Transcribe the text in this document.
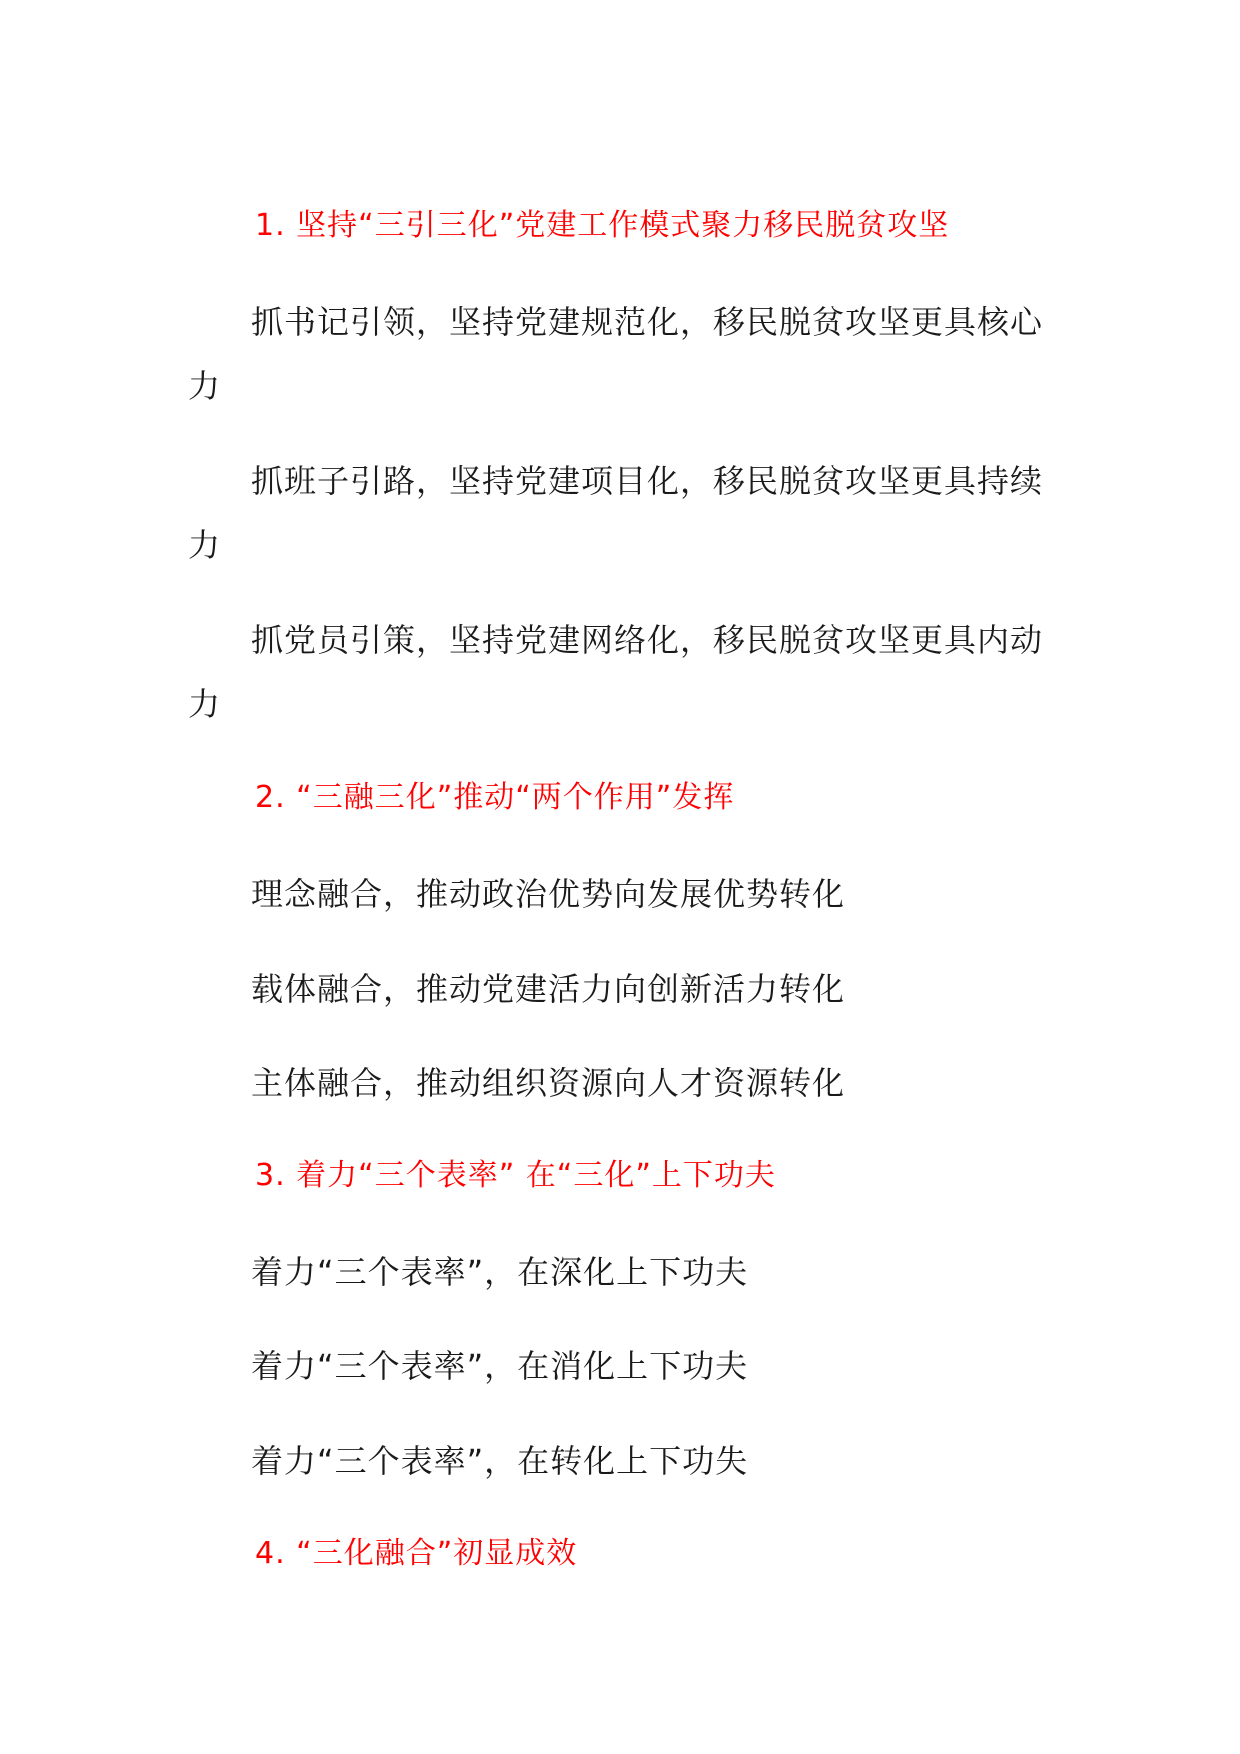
1. 坚持“三引三化”党建工作模式聚力移民脱贫攻坚
抓书记引领，坚持党建规范化，移民脱贫攻坚更具核心力
抓班子引路，坚持党建项目化，移民脱贫攻坚更具持续力
抓党员引策，坚持党建网络化，移民脱贫攻坚更具内动力
2. “三融三化”推动“两个作用”发挥
理念融合，推动政治优势向发展优势转化
载体融合，推动党建活力向创新活力转化
主体融合，推动组织资源向人才资源转化
3. 着力“三个表率” 在“三化”上下功夫
着力“三个表率”，在深化上下功夫
着力“三个表率”，在消化上下功夫
着力“三个表率”，在转化上下功失
4. “三化融合”初显成效
